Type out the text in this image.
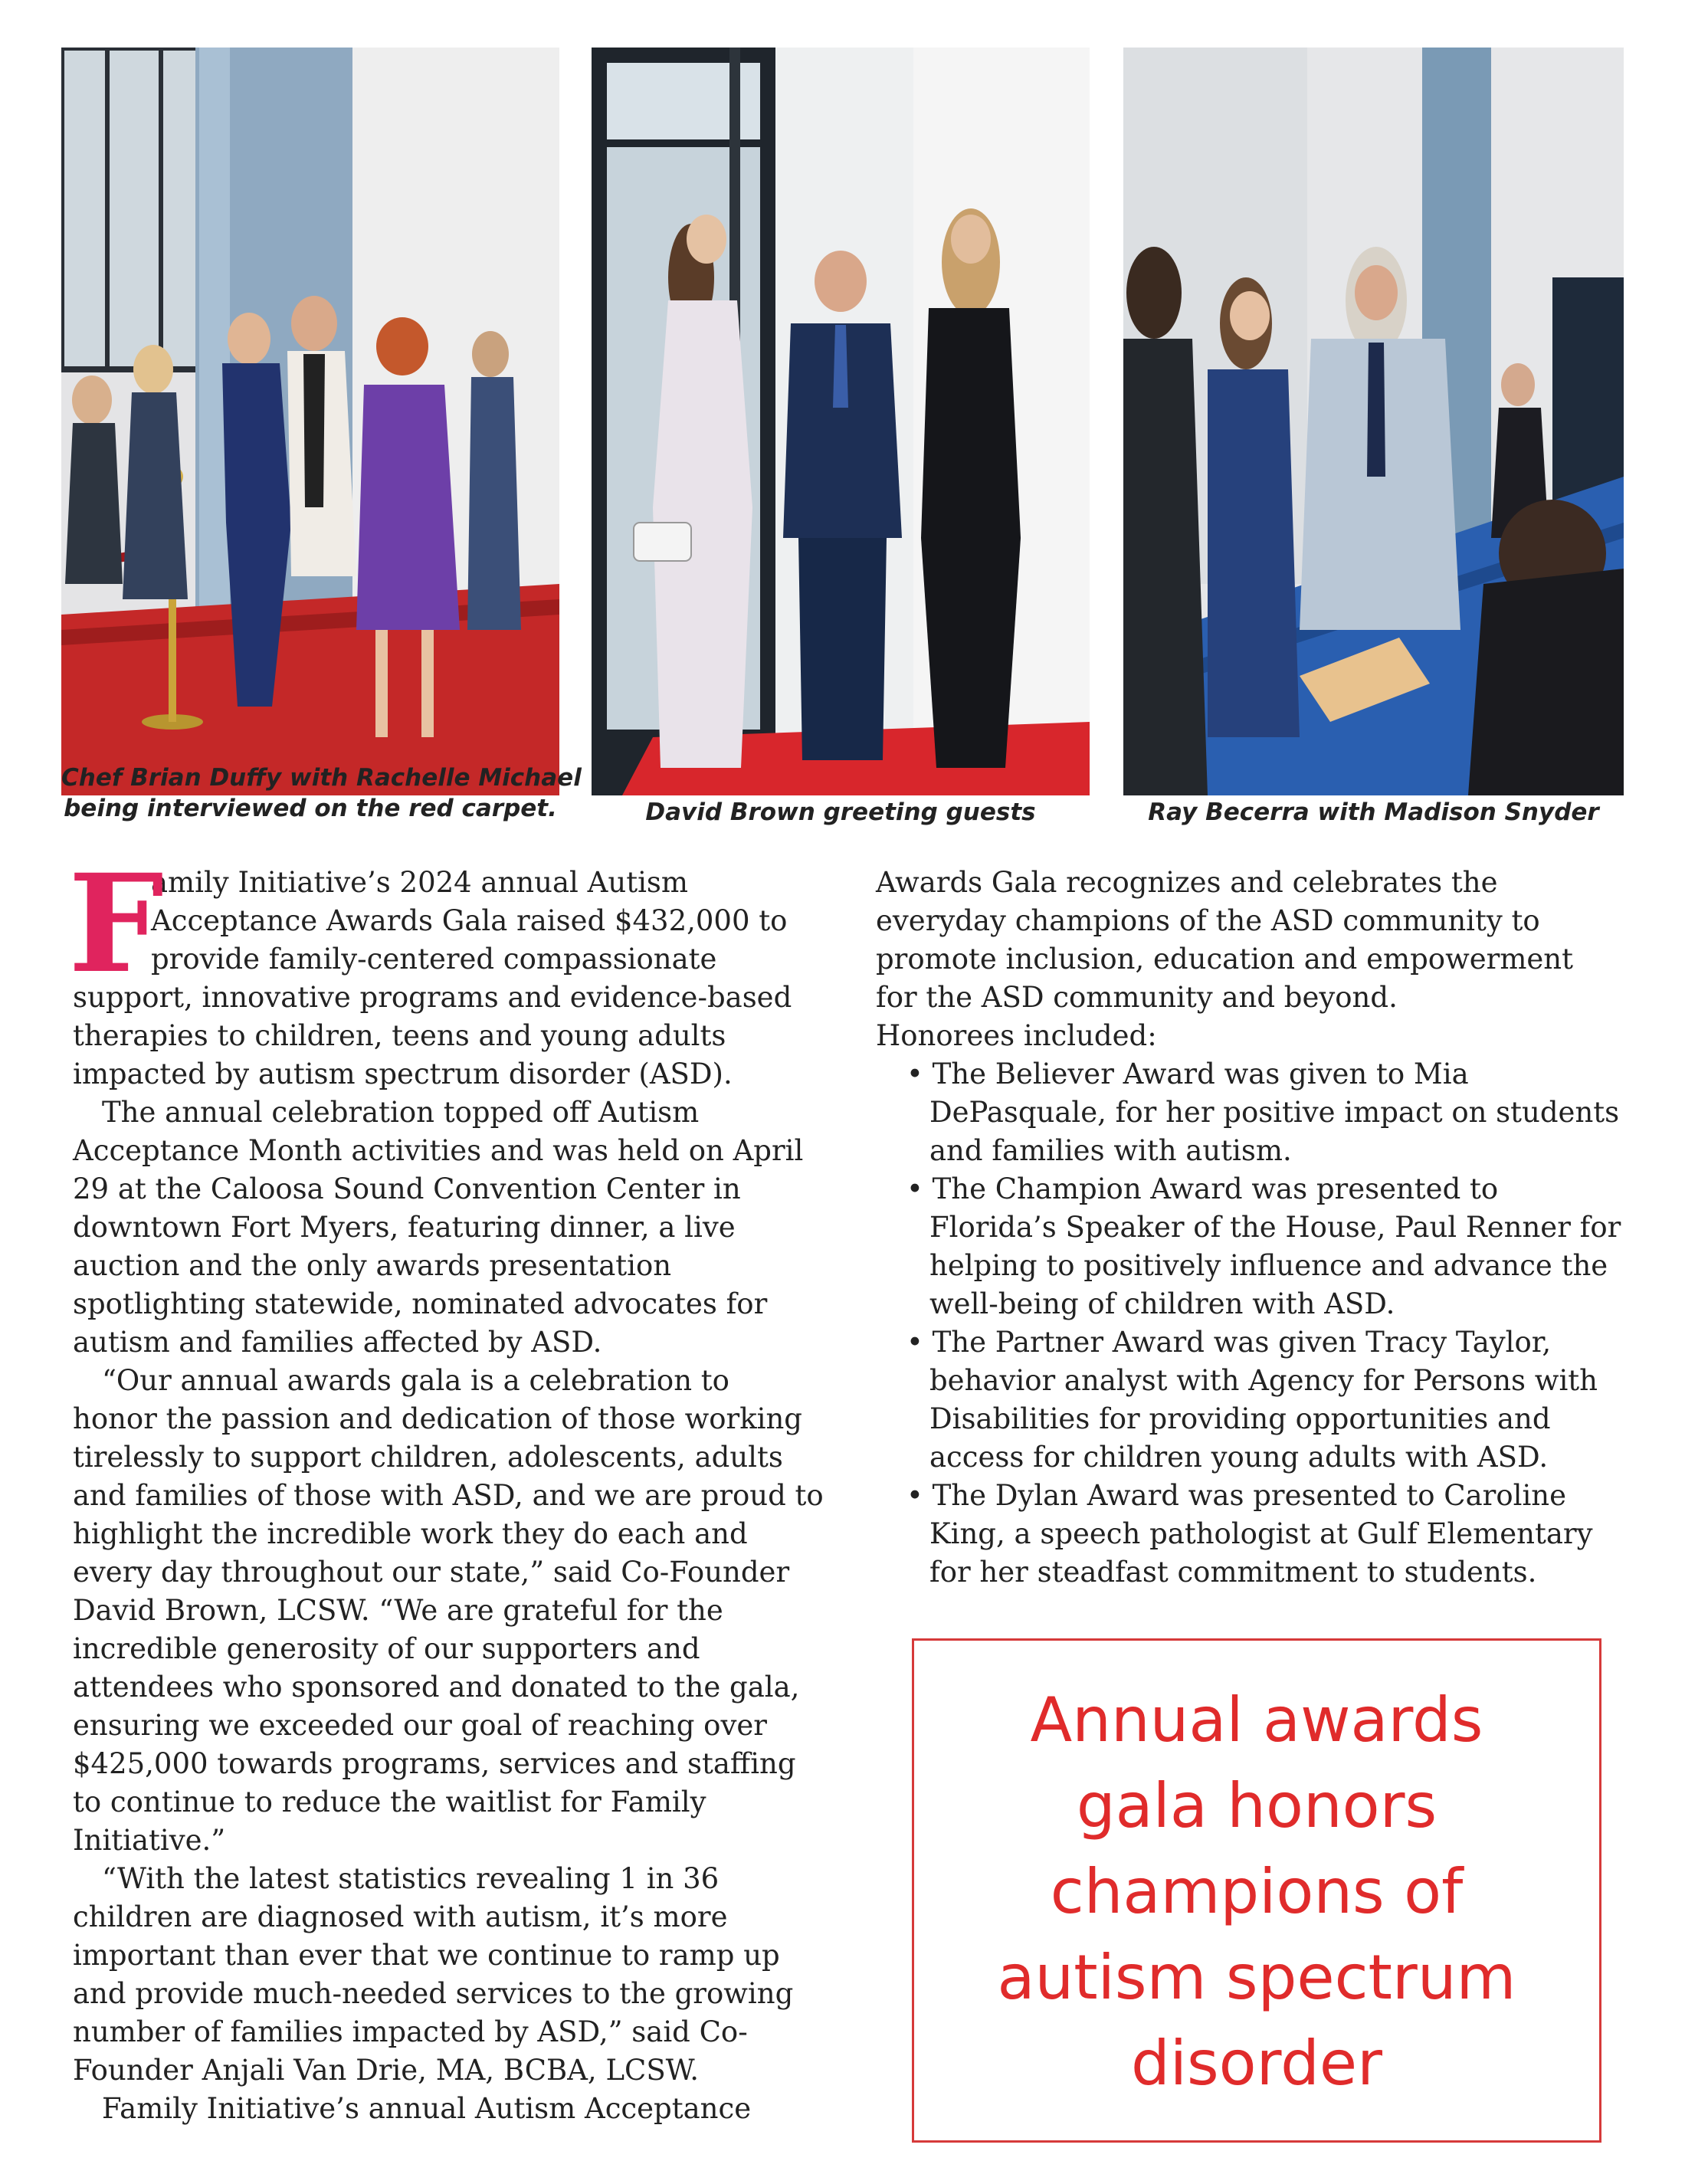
Chef Brian Duffy with Rachelle Michael
being interviewed on the red carpet.	David Brown greeting guests	Ray Becerra with Madison Snyder
F
amily Initiative’s 2024 annual Autism
Acceptance Awards Gala raised $432,000 to
provide family-centered compassionate
support, innovative programs and evidence-based
therapies to children, teens and young adults
impacted by autism spectrum disorder (ASD).
The annual celebration topped off Autism
Acceptance Month activities and was held on April
29 at the Caloosa Sound Convention Center in
downtown Fort Myers, featuring dinner, a live
auction and the only awards presentation
spotlighting statewide, nominated advocates for
autism and families affected by ASD.
“Our annual awards gala is a celebration to
honor the passion and dedication of those working
tirelessly to support children, adolescents, adults
and families of those with ASD, and we are proud to
highlight the incredible work they do each and
every day throughout our state,” said Co-Founder
David Brown, LCSW. “We are grateful for the
incredible generosity of our supporters and
attendees who sponsored and donated to the gala,
ensuring we exceeded our goal of reaching over
$425,000 towards programs, services and staffing
to continue to reduce the waitlist for Family
Initiative.”
“With the latest statistics revealing 1 in 36
children are diagnosed with autism, it’s more
important than ever that we continue to ramp up
and provide much-needed services to the growing
number of families impacted by ASD,” said Co-
Founder Anjali Van Drie, MA, BCBA, LCSW.
Family Initiative’s annual Autism Acceptance
Awards Gala recognizes and celebrates the
everyday champions of the ASD community to
promote inclusion, education and empowerment
for the ASD community and beyond.
Honorees included:
• The Believer Award was given to Mia
DePasquale, for her positive impact on students
and families with autism.
• The Champion Award was presented to
Florida’s Speaker of the House, Paul Renner for
helping to positively influence and advance the
well-being of children with ASD.
• The Partner Award was given Tracy Taylor,
behavior analyst with Agency for Persons with
Disabilities for providing opportunities and
access for children young adults with ASD.
• The Dylan Award was presented to Caroline
King, a speech pathologist at Gulf Elementary
for her steadfast commitment to students.
Annual awards
gala honors
champions of
autism spectrum
disorder
